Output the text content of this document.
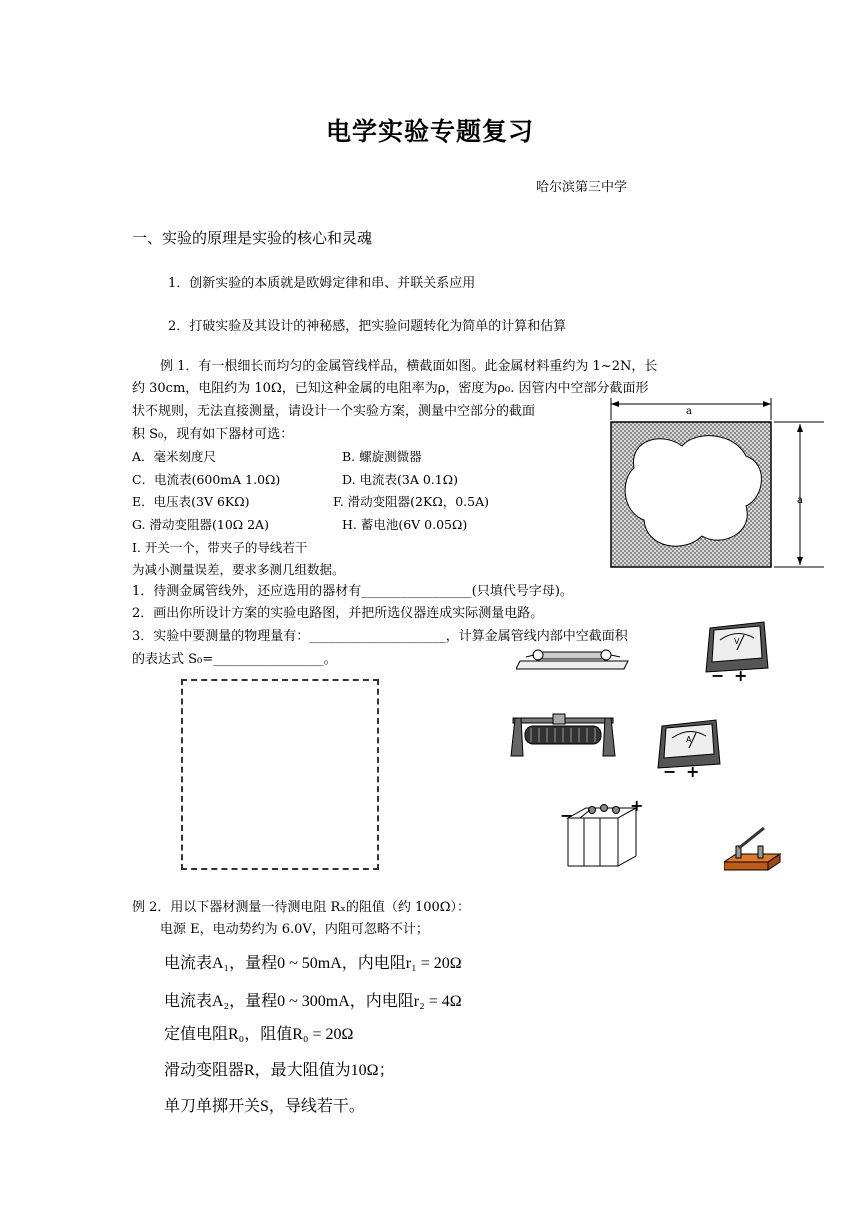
电学实验专题复习
哈尔滨第三中学
一、实验的原理是实验的核心和灵魂
1．创新实验的本质就是欧姆定律和串、并联关系应用
2．打破实验及其设计的神秘感，把实验问题转化为简单的计算和估算
例 1．有一根细长而均匀的金属管线样品，横截面如图。此金属材料重约为 1~2N，长
约 30cm，电阻约为 10Ω，已知这种金属的电阻率为ρ，密度为ρ₀. 因管内中空部分截面形
状不规则，无法直接测量，请设计一个实验方案，测量中空部分的截面
积 S₀，现有如下器材可选：
A．毫米刻度尺	B. 螺旋测微器
C．电流表(600mA 1.0Ω)	D. 电流表(3A 0.1Ω)
E．电压表(3V 6KΩ)	F. 滑动变阻器(2KΩ，0.5A)
G. 滑动变阻器(10Ω 2A)	H. 蓄电池(6V 0.05Ω)
I. 开关一个，带夹子的导线若干
为减小测量误差，要求多测几组数据。
1．待测金属管线外，还应选用的器材有_________________(只填代号字母)。
2．画出你所设计方案的实验电路图，并把所选仪器连成实际测量电路。
3．实验中要测量的物理量有：_____________________，计算金属管线内部中空截面积
的表达式 S₀=_________________。
a
a
V
− +
A
− +
−
+
例 2．用以下器材测量一待测电阻 Rₓ的阻值（约 100Ω）：
电源 E，电动势约为 6.0V，内阻可忽略不计；
电流表A₁，量程0 ~ 50mA，内电阻r₁ = 20Ω
电流表A₂，量程0 ~ 300mA，内电阻r₂ = 4Ω
定值电阻R₀，阻值R₀ = 20Ω
滑动变阻器R，最大阻值为10Ω；
单刀单掷开关S，导线若干。
